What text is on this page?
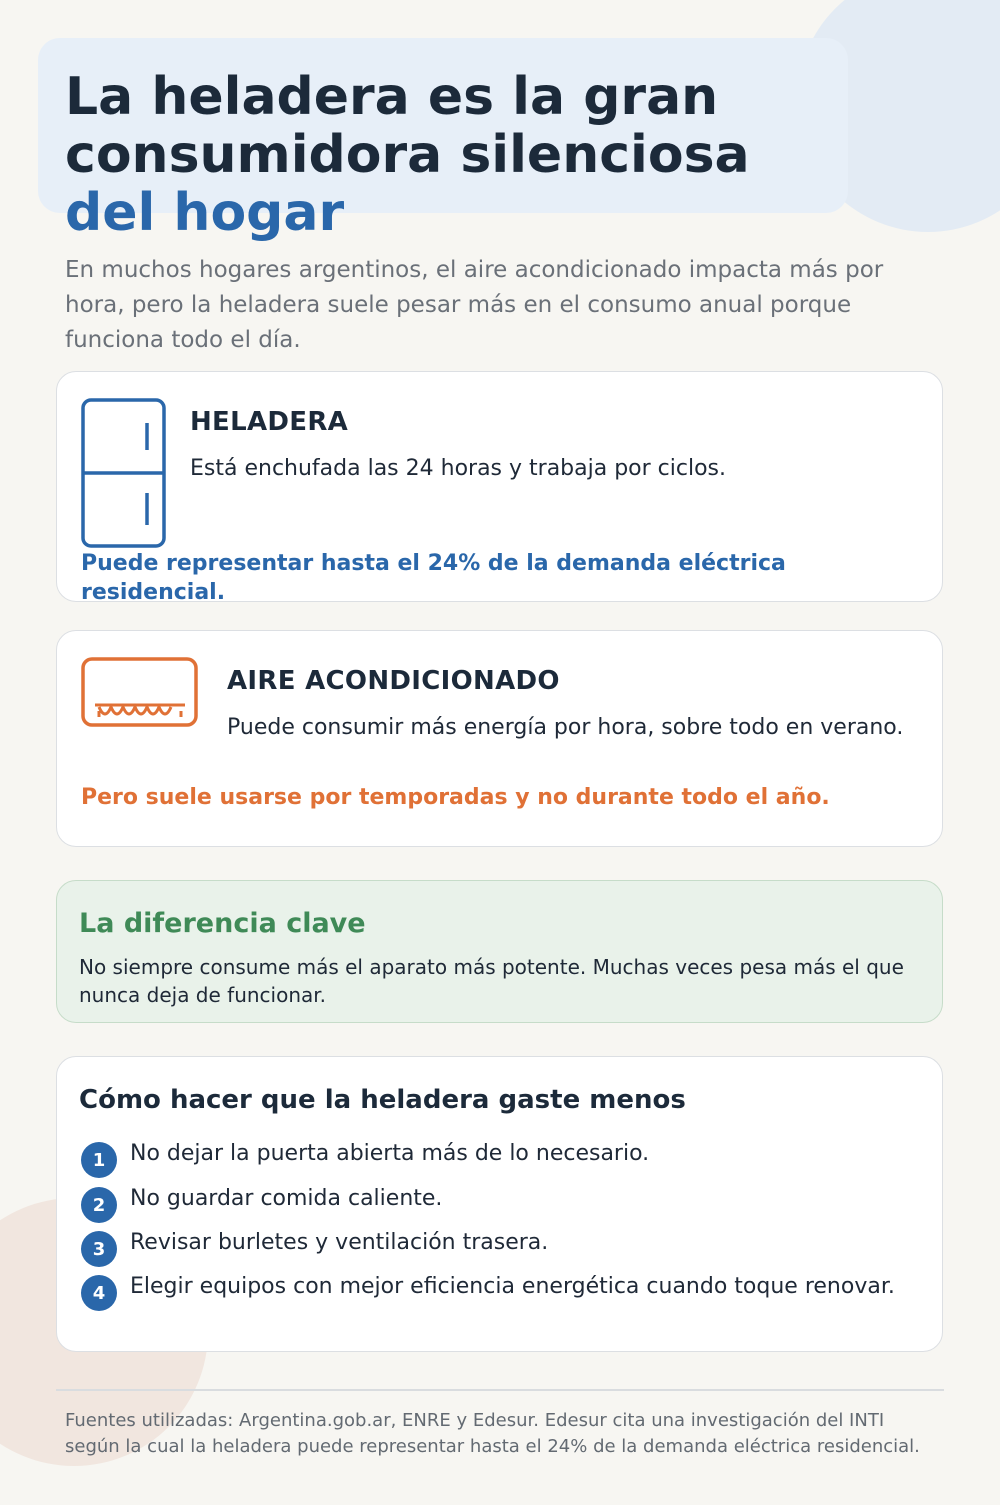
La heladera es la gran
consumidora silenciosa
del hogar

En muchos hogares argentinos, el aire acondicionado impacta más por hora, pero la heladera suele pesar más en el consumo anual porque funciona todo el día.

HELADERA

Está enchufada las 24 horas y trabaja por ciclos.

Puede representar hasta el 24% de la demanda eléctrica residencial.

AIRE ACONDICIONADO

Puede consumir más energía por hora, sobre todo en verano.

Pero suele usarse por temporadas y no durante todo el año.

La diferencia clave

No siempre consume más el aparato más potente. Muchas veces pesa más el que nunca deja de funcionar.

Cómo hacer que la heladera gaste menos
1	No dejar la puerta abierta más de lo necesario.

2	No guardar comida caliente.

3	Revisar burletes y ventilación trasera.

4	Elegir equipos con mejor eficiencia energética cuando toque renovar.

Fuentes utilizadas: Argentina.gob.ar, ENRE y Edesur. Edesur cita una investigación del INTI según la cual la heladera puede representar hasta el 24% de la demanda eléctrica residencial.
